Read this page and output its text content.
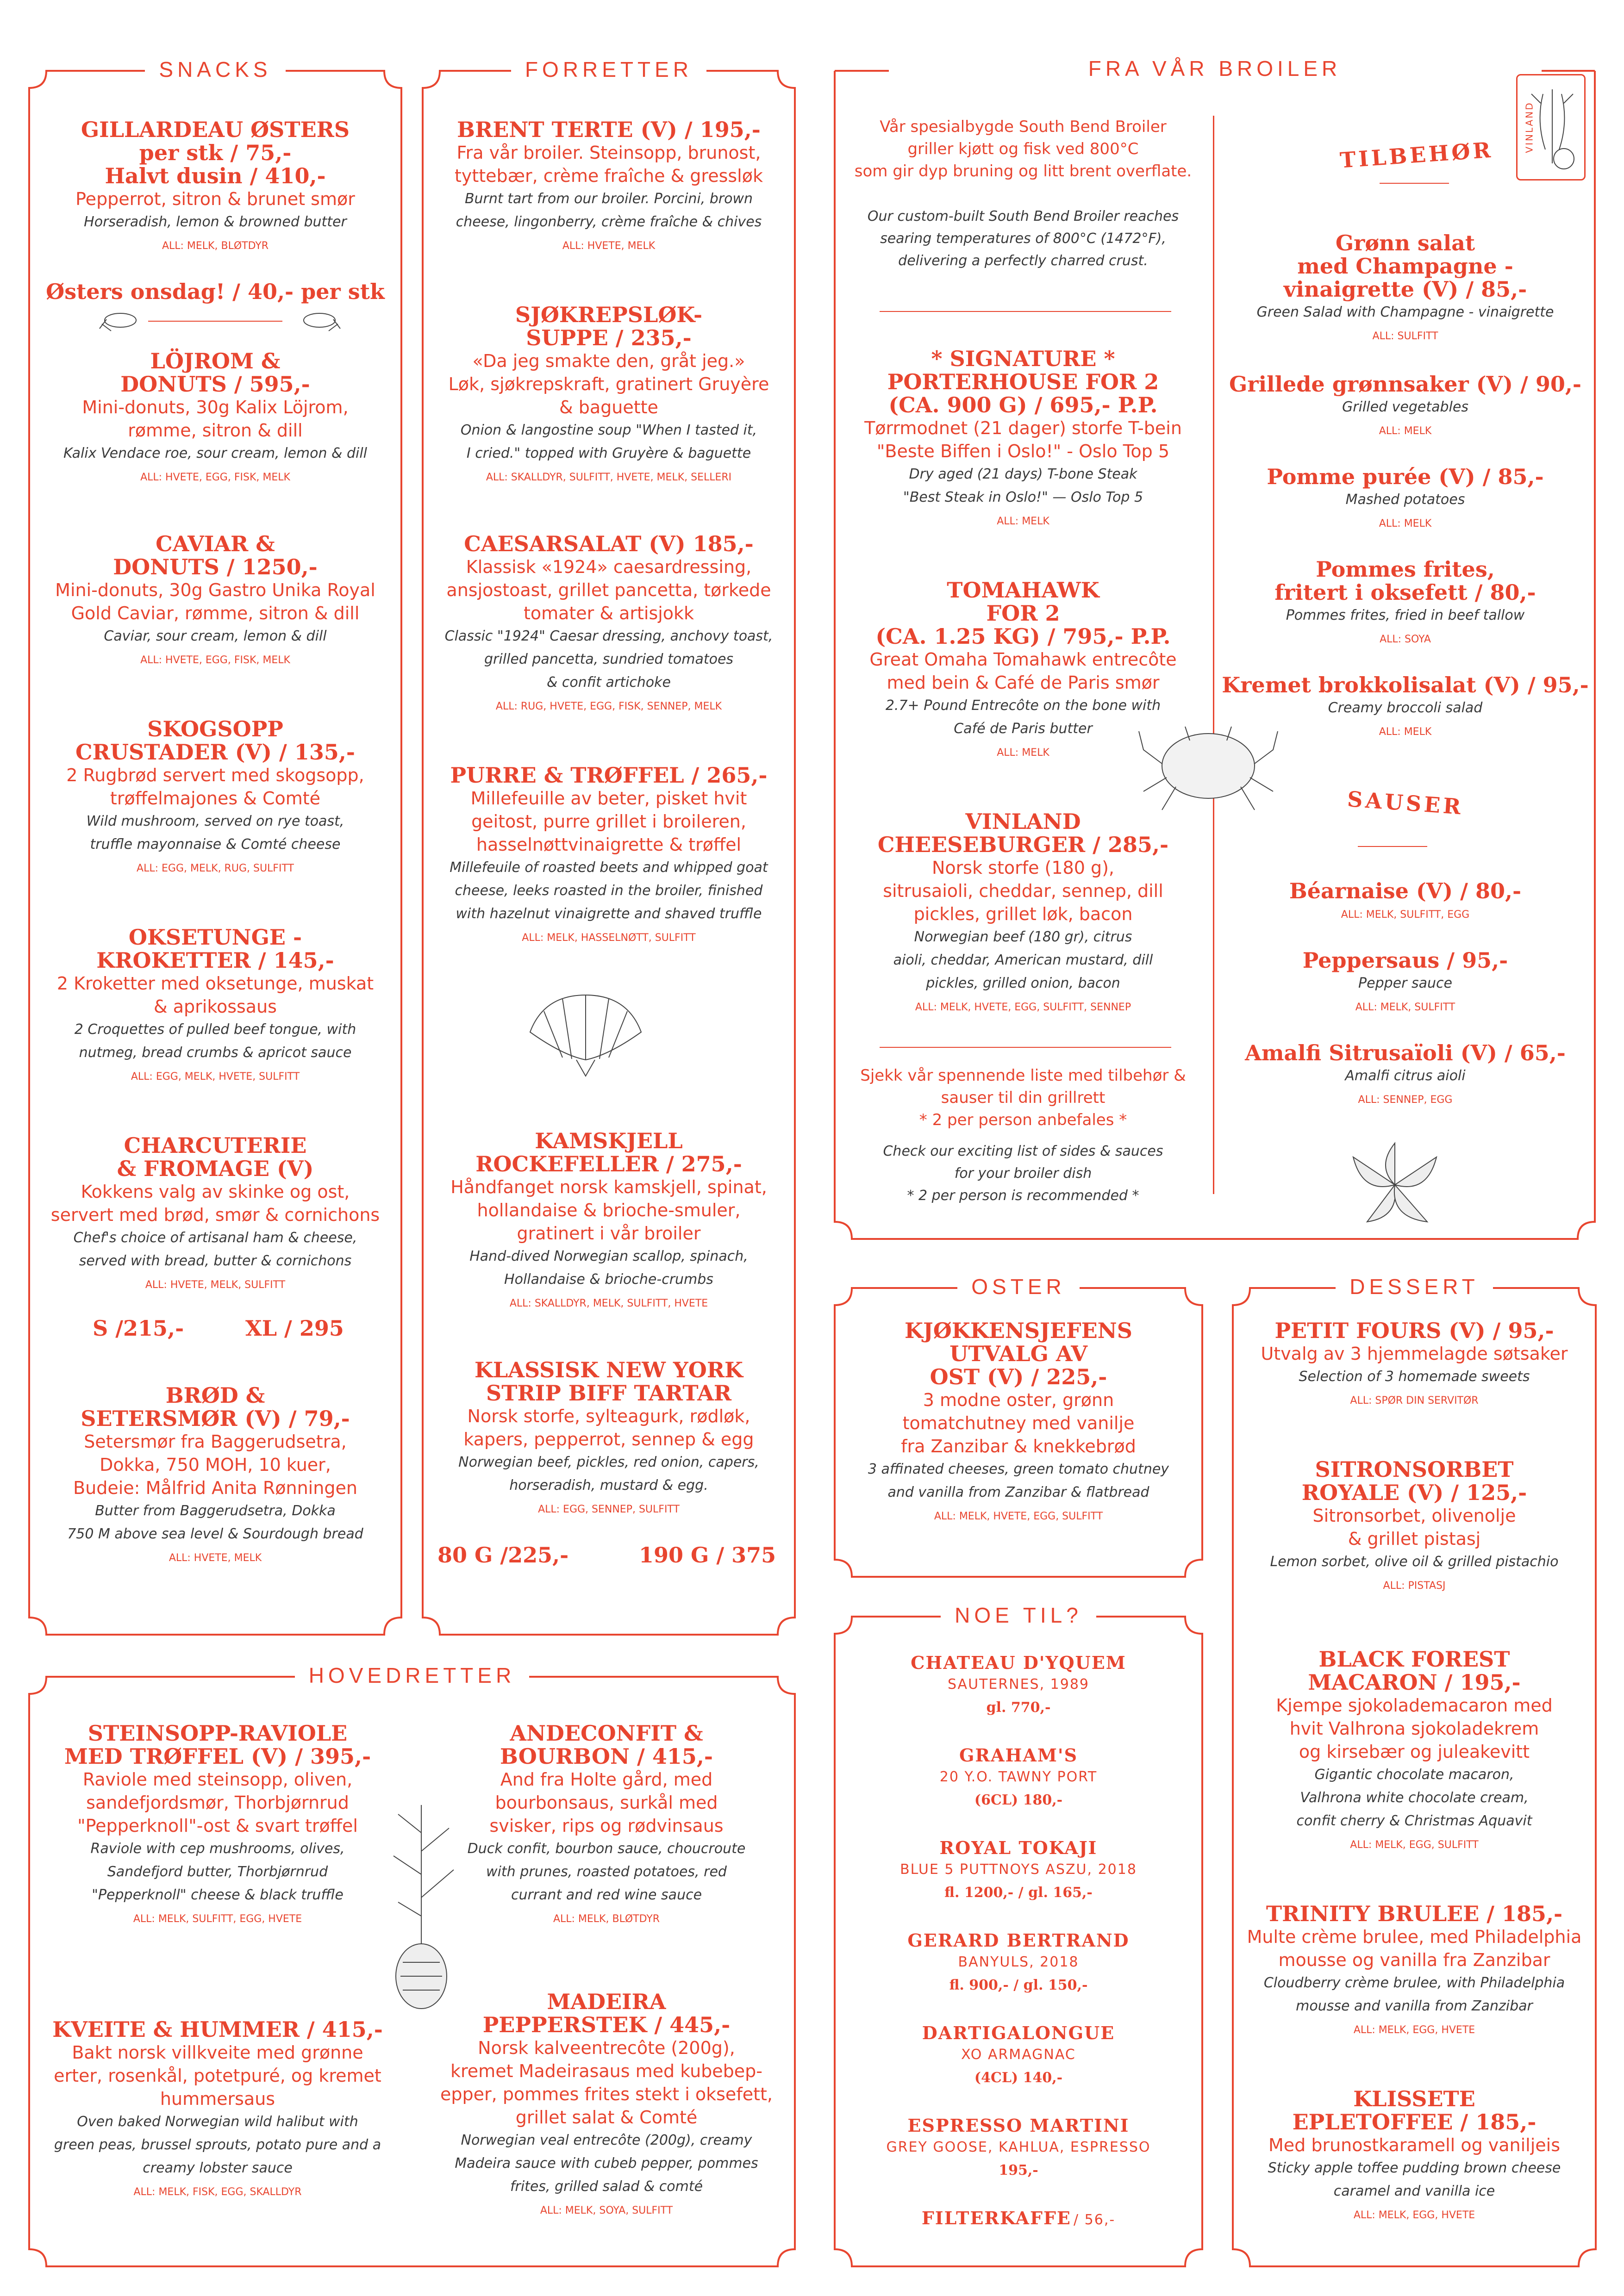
SNACKS
GILLARDEAU ØSTERS
per stk / 75,-
Halvt dusin / 410,-
Pepperrot, sitron & brunet smør
Horseradish, lemon & browned butter
ALL: MELK, BLØTDYR
Østers onsdag! / 40,- per stk
LÖJROM &
DONUTS / 595,-
Mini-donuts, 30g Kalix Löjrom,
rømme, sitron & dill
Kalix Vendace roe, sour cream, lemon & dill
ALL: HVETE, EGG, FISK, MELK
CAVIAR &
DONUTS / 1250,-
Mini-donuts, 30g Gastro Unika Royal
Gold Caviar, rømme, sitron & dill
Caviar, sour cream, lemon & dill
ALL: HVETE, EGG, FISK, MELK
SKOGSOPP
CRUSTADER (V) / 135,-
2 Rugbrød servert med skogsopp,
trøffelmajones & Comté
Wild mushroom, served on rye toast,
truffle mayonnaise & Comté cheese
ALL: EGG, MELK, RUG, SULFITT
OKSETUNGE -
KROKETTER / 145,-
2 Kroketter med oksetunge, muskat
& aprikossaus
2 Croquettes of pulled beef tongue, with
nutmeg, bread crumbs & apricot sauce
ALL: EGG, MELK, HVETE, SULFITT
CHARCUTERIE
& FROMAGE (V)
Kokkens valg av skinke og ost,
servert med brød, smør & cornichons
Chef's choice of artisanal ham & cheese,
served with bread, butter & cornichons
ALL: HVETE, MELK, SULFITT
S /215,-	XL / 295
BRØD &
SETERSMØR (V) / 79,-
Setersmør fra Baggerudsetra,
Dokka, 750 MOH, 10 kuer,
Budeie: Målfrid Anita Rønningen
Butter from Baggerudsetra, Dokka
750 M above sea level & Sourdough bread
ALL: HVETE, MELK
FORRETTER
BRENT TERTE (V) / 195,-
Fra vår broiler. Steinsopp, brunost,
tyttebær, crème fraîche & gressløk
Burnt tart from our broiler. Porcini, brown
cheese, lingonberry, crème fraîche & chives
ALL: HVETE, MELK
SJØKREPSLØK-
SUPPE / 235,-
«Da jeg smakte den, gråt jeg.»
Løk, sjøkrepskraft, gratinert Gruyère
& baguette
Onion & langostine soup "When I tasted it,
I cried." topped with Gruyère & baguette
ALL: SKALLDYR, SULFITT, HVETE, MELK, SELLERI
CAESARSALAT (V) 185,-
Klassisk «1924» caesardressing,
ansjostoast, grillet pancetta, tørkede
tomater & artisjokk
Classic "1924" Caesar dressing, anchovy toast,
grilled pancetta, sundried tomatoes
& confit artichoke
ALL: RUG, HVETE, EGG, FISK, SENNEP, MELK
PURRE & TRØFFEL / 265,-
Millefeuille av beter, pisket hvit
geitost, purre grillet i broileren,
hasselnøttvinaigrette & trøffel
Millefeuile of roasted beets and whipped goat
cheese, leeks roasted in the broiler, finished
with hazelnut vinaigrette and shaved truffle
ALL: MELK, HASSELNØTT, SULFITT
KAMSKJELL
ROCKEFELLER / 275,-
Håndfanget norsk kamskjell, spinat,
hollandaise & brioche-smuler,
gratinert i vår broiler
Hand-dived Norwegian scallop, spinach,
Hollandaise & brioche-crumbs
ALL: SKALLDYR, MELK, SULFITT, HVETE
KLASSISK NEW YORK
STRIP BIFF TARTAR
Norsk storfe, sylteagurk, rødløk,
kapers, pepperrot, sennep & egg
Norwegian beef, pickles, red onion, capers,
horseradish, mustard & egg.
ALL: EGG, SENNEP, SULFITT
80 G /225,-	190 G / 375
FRA VÅR BROILER
Vår spesialbygde South Bend Broiler
griller kjøtt og fisk ved 800°C
som gir dyp bruning og litt brent overflate.
Our custom-built South Bend Broiler reaches
searing temperatures of 800°C (1472°F),
delivering a perfectly charred crust.
* SIGNATURE *
PORTERHOUSE FOR 2
(CA. 900 G) / 695,- P.P.
Tørrmodnet (21 dager) storfe T-bein
"Beste Biffen i Oslo!" - Oslo Top 5
Dry aged (21 days) T-bone Steak
"Best Steak in Oslo!" — Oslo Top 5
ALL: MELK
TOMAHAWK
FOR 2
(CA. 1.25 KG) / 795,- P.P.
Great Omaha Tomahawk entrecôte
med bein & Café de Paris smør
2.7+ Pound Entrecôte on the bone with
Café de Paris butter
ALL: MELK
VINLAND
CHEESEBURGER / 285,-
Norsk storfe (180 g),
sitrusaioli, cheddar, sennep, dill
pickles, grillet løk, bacon
Norwegian beef (180 gr), citrus
aioli, cheddar, American mustard, dill
pickles, grilled onion, bacon
ALL: MELK, HVETE, EGG, SULFITT, SENNEP
Sjekk vår spennende liste med tilbehør &
sauser til din grillrett
* 2 per person anbefales *
Check our exciting list of sides & sauces
for your broiler dish
* 2 per person is recommended *
TILBEHØR
Grønn salat
med Champagne -
vinaigrette (V) / 85,-
Green Salad with Champagne - vinaigrette
ALL: SULFITT
Grillede grønnsaker (V) / 90,-
Grilled vegetables
ALL: MELK
Pomme purée (V) / 85,-
Mashed potatoes
ALL: MELK
Pommes frites,
fritert i oksefett / 80,-
Pommes frites, fried in beef tallow
ALL: SOYA
Kremet brokkolisalat (V) / 95,-
Creamy broccoli salad
ALL: MELK
SAUSER
Béarnaise (V) / 80,-
ALL: MELK, SULFITT, EGG
Peppersaus / 95,-
Pepper sauce
ALL: MELK, SULFITT
Amalfi Sitrusaïoli (V) / 65,-
Amalfi citrus aioli
ALL: SENNEP, EGG
VINLAND
OSTER
KJØKKENSJEFENS
UTVALG AV
OST (V) / 225,-
3 modne oster, grønn
tomatchutney med vanilje
fra Zanzibar & knekkebrød
3 affinated cheeses, green tomato chutney
and vanilla from Zanzibar & flatbread
ALL: MELK, HVETE, EGG, SULFITT
NOE TIL?
CHATEAU D'YQUEM
SAUTERNES, 1989
gl. 770,-
GRAHAM'S
20 Y.O. TAWNY PORT
(6CL) 180,-
ROYAL TOKAJI
BLUE 5 PUTTNOYS ASZU, 2018
fl. 1200,- / gl. 165,-
GERARD BERTRAND
BANYULS, 2018
fl. 900,- / gl. 150,-
DARTIGALONGUE
XO ARMAGNAC
(4CL) 140,-
ESPRESSO MARTINI
GREY GOOSE, KAHLUA, ESPRESSO
195,-
FILTERKAFFE / 56,-
DESSERT
PETIT FOURS (V) / 95,-
Utvalg av 3 hjemmelagde søtsaker
Selection of 3 homemade sweets
ALL: SPØR DIN SERVITØR
SITRONSORBET
ROYALE (V) / 125,-
Sitronsorbet, olivenolje
& grillet pistasj
Lemon sorbet, olive oil & grilled pistachio
ALL: PISTASJ
BLACK FOREST
MACARON / 195,-
Kjempe sjokolademacaron med
hvit Valhrona sjokoladekrem
og kirsebær og juleakevitt
Gigantic chocolate macaron,
Valhrona white chocolate cream,
confit cherry & Christmas Aquavit
ALL: MELK, EGG, SULFITT
TRINITY BRULEE / 185,-
Multe crème brulee, med Philadelphia
mousse og vanilla fra Zanzibar
Cloudberry crème brulee, with Philadelphia
mousse and vanilla from Zanzibar
ALL: MELK, EGG, HVETE
KLISSETE
EPLETOFFEE / 185,-
Med brunostkaramell og vaniljeis
Sticky apple toffee pudding brown cheese
caramel and vanilla ice
ALL: MELK, EGG, HVETE
HOVEDRETTER
STEINSOPP-RAVIOLE
MED TRØFFEL (V) / 395,-
Raviole med steinsopp, oliven,
sandefjordsmør, Thorbjørnrud
"Pepperknoll"-ost & svart trøffel
Raviole with cep mushrooms, olives,
Sandefjord butter, Thorbjørnrud
"Pepperknoll" cheese & black truffle
ALL: MELK, SULFITT, EGG, HVETE
ANDECONFIT &
BOURBON / 415,-
And fra Holte gård, med
bourbonsaus, surkål med
svisker, rips og rødvinsaus
Duck confit, bourbon sauce, choucroute
with prunes, roasted potatoes, red
currant and red wine sauce
ALL: MELK, BLØTDYR
KVEITE & HUMMER / 415,-
Bakt norsk villkveite med grønne
erter, rosenkål, potetpuré, og kremet
hummersaus
Oven baked Norwegian wild halibut with
green peas, brussel sprouts, potato pure and a
creamy lobster sauce
ALL: MELK, FISK, EGG, SKALLDYR
MADEIRA
PEPPERSTEK / 445,-
Norsk kalveentrecôte (200g),
kremet Madeirasaus med kubebep-
epper, pommes frites stekt i oksefett,
grillet salat & Comté
Norwegian veal entrecôte (200g), creamy
Madeira sauce with cubeb pepper, pommes
frites, grilled salad & comté
ALL: MELK, SOYA, SULFITT
